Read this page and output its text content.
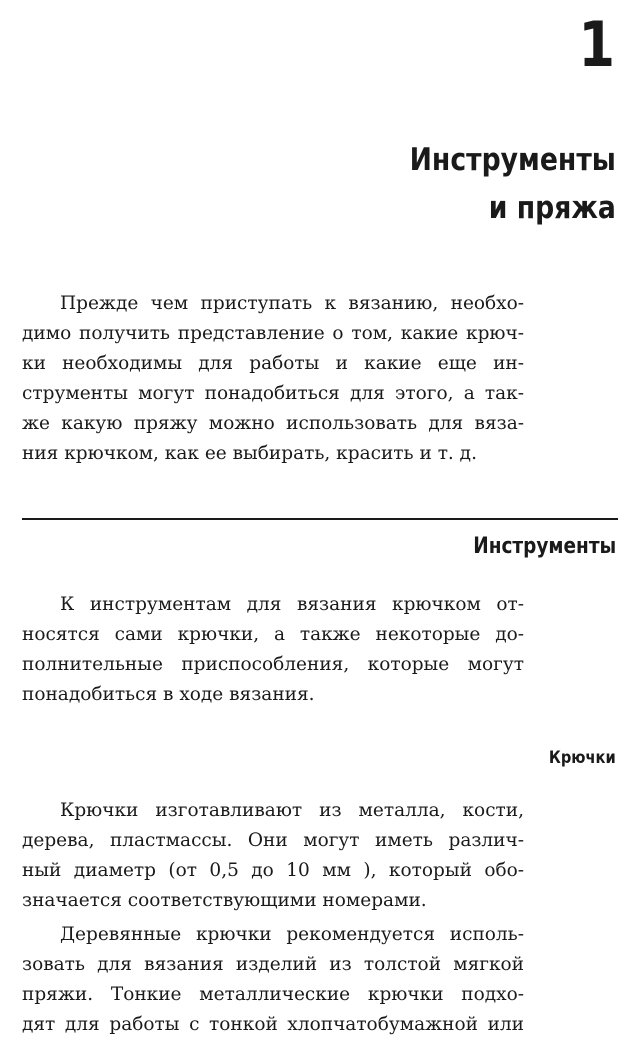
1
Инструменты
и пряжа

Прежде чем приступать к вязанию, необхо-
димо получить представление о том, какие крюч-
ки необходимы для работы и какие еще ин-
струменты могут понадобиться для этого, а так-
же какую пряжу можно использовать для вяза-
ния крючком, как ее выбирать, красить и т. д.

Инструменты

К инструментам для вязания крючком от-
носятся сами крючки, а также некоторые до-
полнительные приспособления, которые могут
понадобиться в ходе вязания.

Крючки

Крючки изготавливают из металла, кости,
дерева, пластмассы. Они могут иметь различ-
ный диаметр (от 0,5 до 10 мм ), который обо-
значается соответствующими номерами.

Деревянные крючки рекомендуется исполь-
зовать для вязания изделий из толстой мягкой
пряжи. Тонкие металлические крючки подхо-
дят для работы с тонкой хлопчатобумажной или
